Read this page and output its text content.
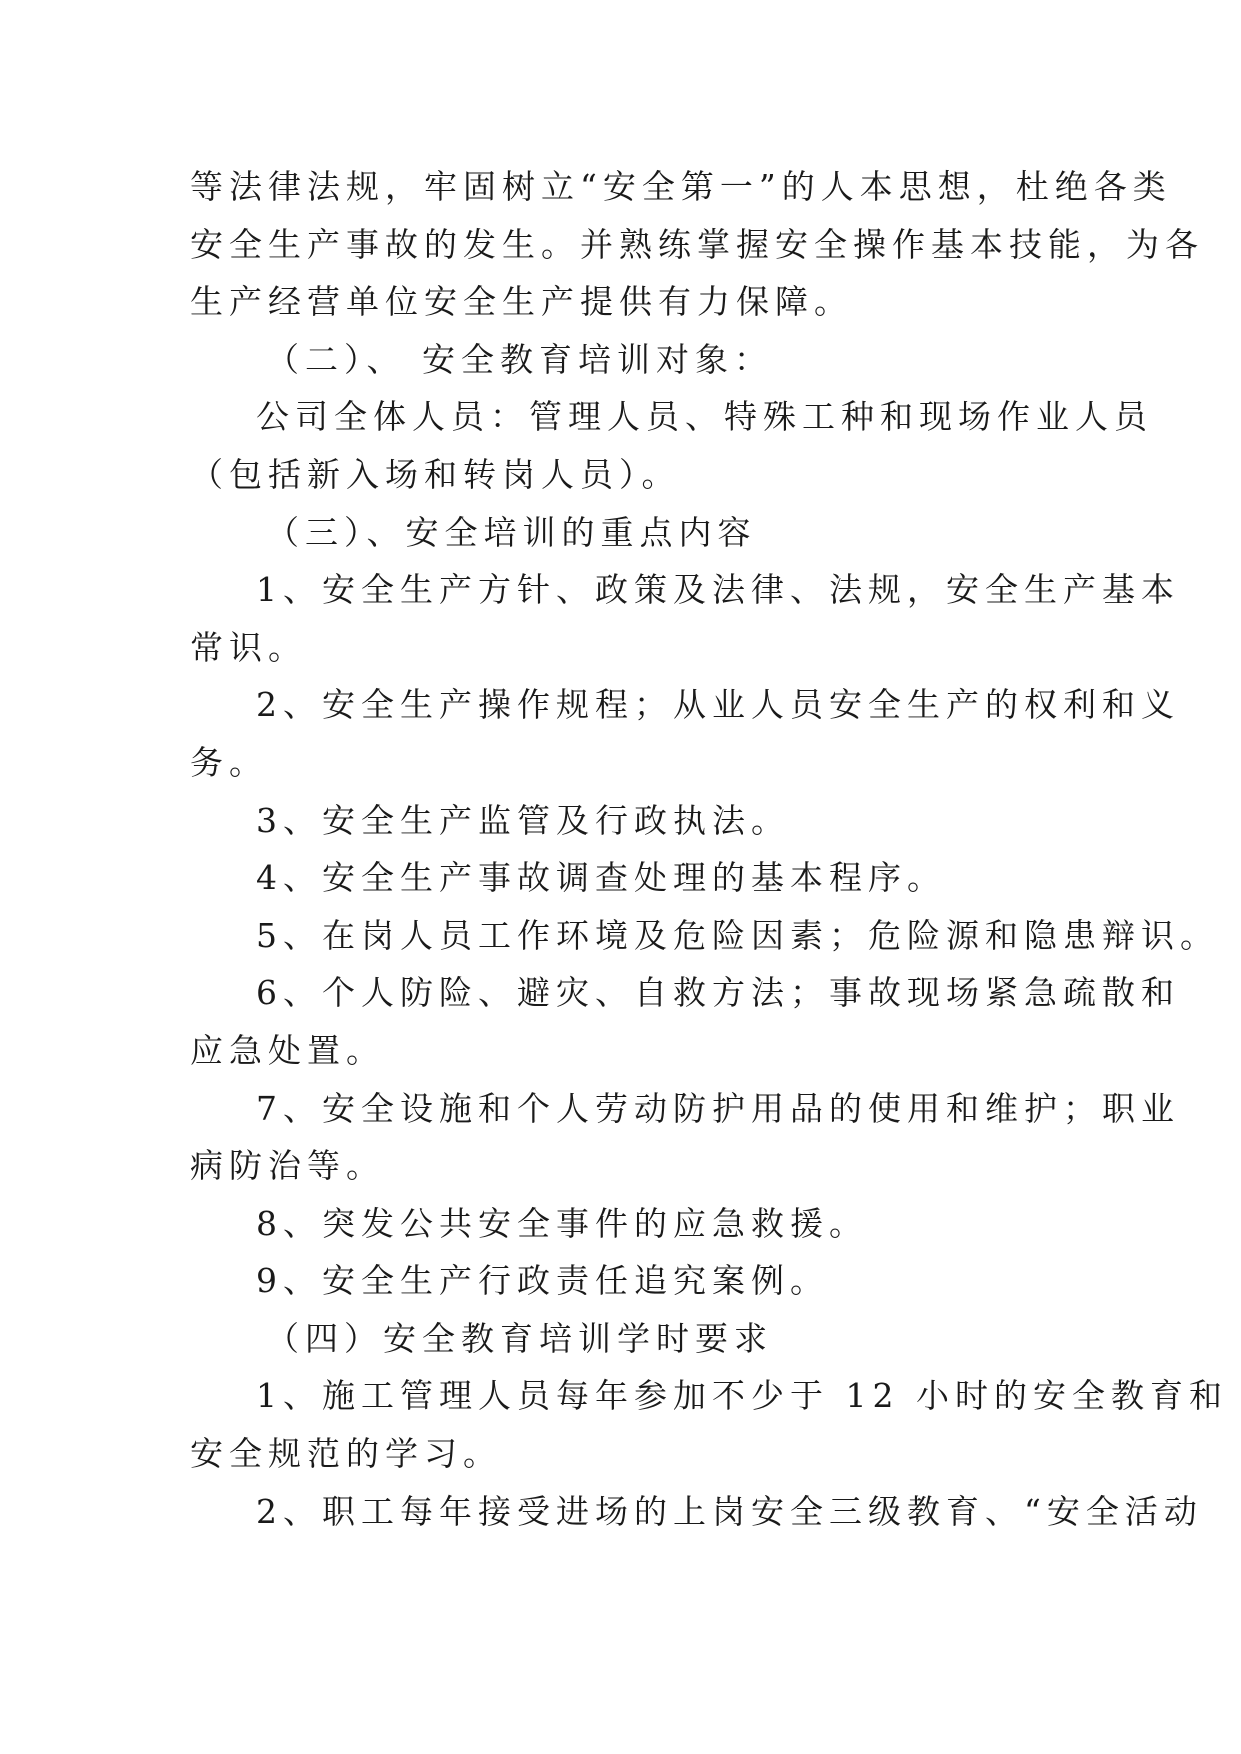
等法律法规，牢固树立“安全第一”的人本思想，杜绝各类
安全生产事故的发生。并熟练掌握安全操作基本技能，为各
生产经营单位安全生产提供有力保障。
（二）、 安全教育培训对象：
公司全体人员：管理人员、特殊工种和现场作业人员
（包括新入场和转岗人员）。
（三）、安全培训的重点内容
1、安全生产方针、政策及法律、法规，安全生产基本
常识。
2、安全生产操作规程；从业人员安全生产的权利和义
务。
3、安全生产监管及行政执法。
4、安全生产事故调查处理的基本程序。
5、在岗人员工作环境及危险因素；危险源和隐患辩识。
6、个人防险、避灾、自救方法；事故现场紧急疏散和
应急处置。
7、安全设施和个人劳动防护用品的使用和维护；职业
病防治等。
8、突发公共安全事件的应急救援。
9、安全生产行政责任追究案例。
（四）安全教育培训学时要求
1、施工管理人员每年参加不少于 12 小时的安全教育和
安全规范的学习。
2、职工每年接受进场的上岗安全三级教育、“安全活动
